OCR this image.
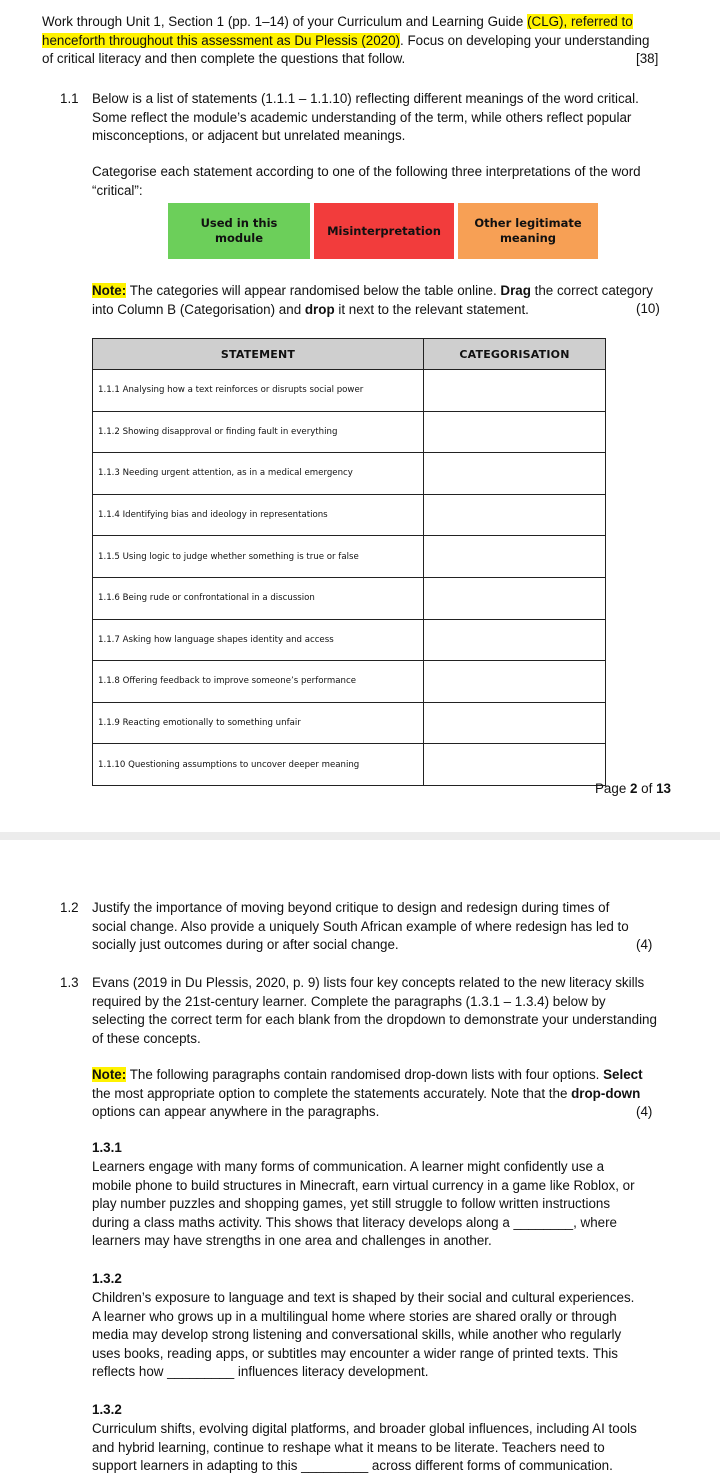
Work through Unit 1, Section 1 (pp. 1–14) of your Curriculum and Learning Guide (CLG), referred to
henceforth throughout this assessment as Du Plessis (2020). Focus on developing your understanding
of critical literacy and then complete the questions that follow.	[38]
1.1 Below is a list of statements (1.1.1 – 1.1.10) reflecting different meanings of the word critical.
Some reflect the module’s academic understanding of the term, while others reflect popular
misconceptions, or adjacent but unrelated meanings.
Categorise each statement according to one of the following three interpretations of the word
“critical”:
Used in this module
Misinterpretation
Other legitimate meaning
Note: The categories will appear randomised below the table online. Drag the correct category
into Column B (Categorisation) and drop it next to the relevant statement.	(10)
STATEMENT	CATEGORISATION
1.1.1 Analysing how a text reinforces or disrupts social power	
1.1.2 Showing disapproval or finding fault in everything	
1.1.3 Needing urgent attention, as in a medical emergency	
1.1.4 Identifying bias and ideology in representations	
1.1.5 Using logic to judge whether something is true or false	
1.1.6 Being rude or confrontational in a discussion	
1.1.7 Asking how language shapes identity and access	
1.1.8 Offering feedback to improve someone’s performance	
1.1.9 Reacting emotionally to something unfair	
1.1.10 Questioning assumptions to uncover deeper meaning	
Page 2 of 13
1.2 Justify the importance of moving beyond critique to design and redesign during times of
social change. Also provide a uniquely South African example of where redesign has led to
socially just outcomes during or after social change.	(4)
1.3 Evans (2019 in Du Plessis, 2020, p. 9) lists four key concepts related to the new literacy skills
required by the 21st-century learner. Complete the paragraphs (1.3.1 – 1.3.4) below by
selecting the correct term for each blank from the dropdown to demonstrate your understanding
of these concepts.
Note: The following paragraphs contain randomised drop-down lists with four options. Select
the most appropriate option to complete the statements accurately. Note that the drop-down
options can appear anywhere in the paragraphs.	(4)
1.3.1
Learners engage with many forms of communication. A learner might confidently use a
mobile phone to build structures in Minecraft, earn virtual currency in a game like Roblox, or
play number puzzles and shopping games, yet still struggle to follow written instructions
during a class maths activity. This shows that literacy develops along a ________, where
learners may have strengths in one area and challenges in another.
1.3.2
Children’s exposure to language and text is shaped by their social and cultural experiences.
A learner who grows up in a multilingual home where stories are shared orally or through
media may develop strong listening and conversational skills, while another who regularly
uses books, reading apps, or subtitles may encounter a wider range of printed texts. This
reflects how _________ influences literacy development.
1.3.2
Curriculum shifts, evolving digital platforms, and broader global influences, including AI tools
and hybrid learning, continue to reshape what it means to be literate. Teachers need to
support learners in adapting to this _________ across different forms of communication.
